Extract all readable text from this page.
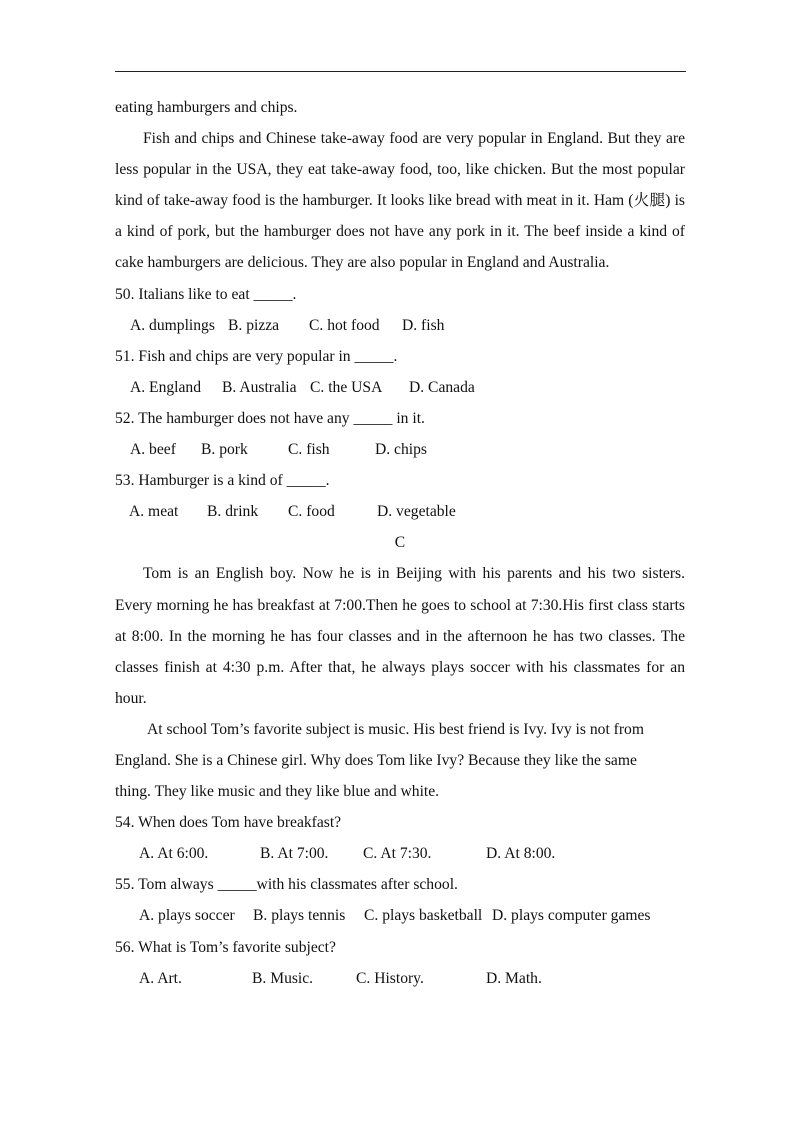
eating hamburgers and chips.

Fish and chips and Chinese take-away food are very popular in England. But they are less popular in the USA, they eat take-away food, too, like chicken. But the most popular kind of take-away food is the hamburger. It looks like bread with meat in it. Ham (火腿) is a kind of pork, but the hamburger does not have any pork in it. The beef inside a kind of cake hamburgers are delicious. They are also popular in England and Australia.

50. Italians like to eat _____.

A. dumplings B. pizza C. hot food D. fish

51. Fish and chips are very popular in _____.

A. England B. Australia C. the USA D. Canada

52. The hamburger does not have any _____ in it.

A. beef B. pork	C. fish	D. chips

53. Hamburger is a kind of _____.

A. meat B. drink C. food	D. vegetable

C

Tom is an English boy. Now he is in Beijing with his parents and his two sisters. Every morning he has breakfast at 7:00.Then he goes to school at 7:30.His first class starts at 8:00. In the morning he has four classes and in the afternoon he has two classes. The classes finish at 4:30 p.m. After that, he always plays soccer with his classmates for an hour.

At school Tom’s favorite subject is music. His best friend is Ivy. Ivy is not from

England. She is a Chinese girl. Why does Tom like Ivy? Because they like the same

thing. They like music and they like blue and white.

54. When does Tom have breakfast?

A. At 6:00.	B. At 7:00. C. At 7:30.	D. At 8:00.

55. Tom always _____with his classmates after school.

A. plays soccer B. plays tennis C. plays basketball D. plays computer games

56. What is Tom’s favorite subject?

A. Art.	B. Music.	C. History.	D. Math.
